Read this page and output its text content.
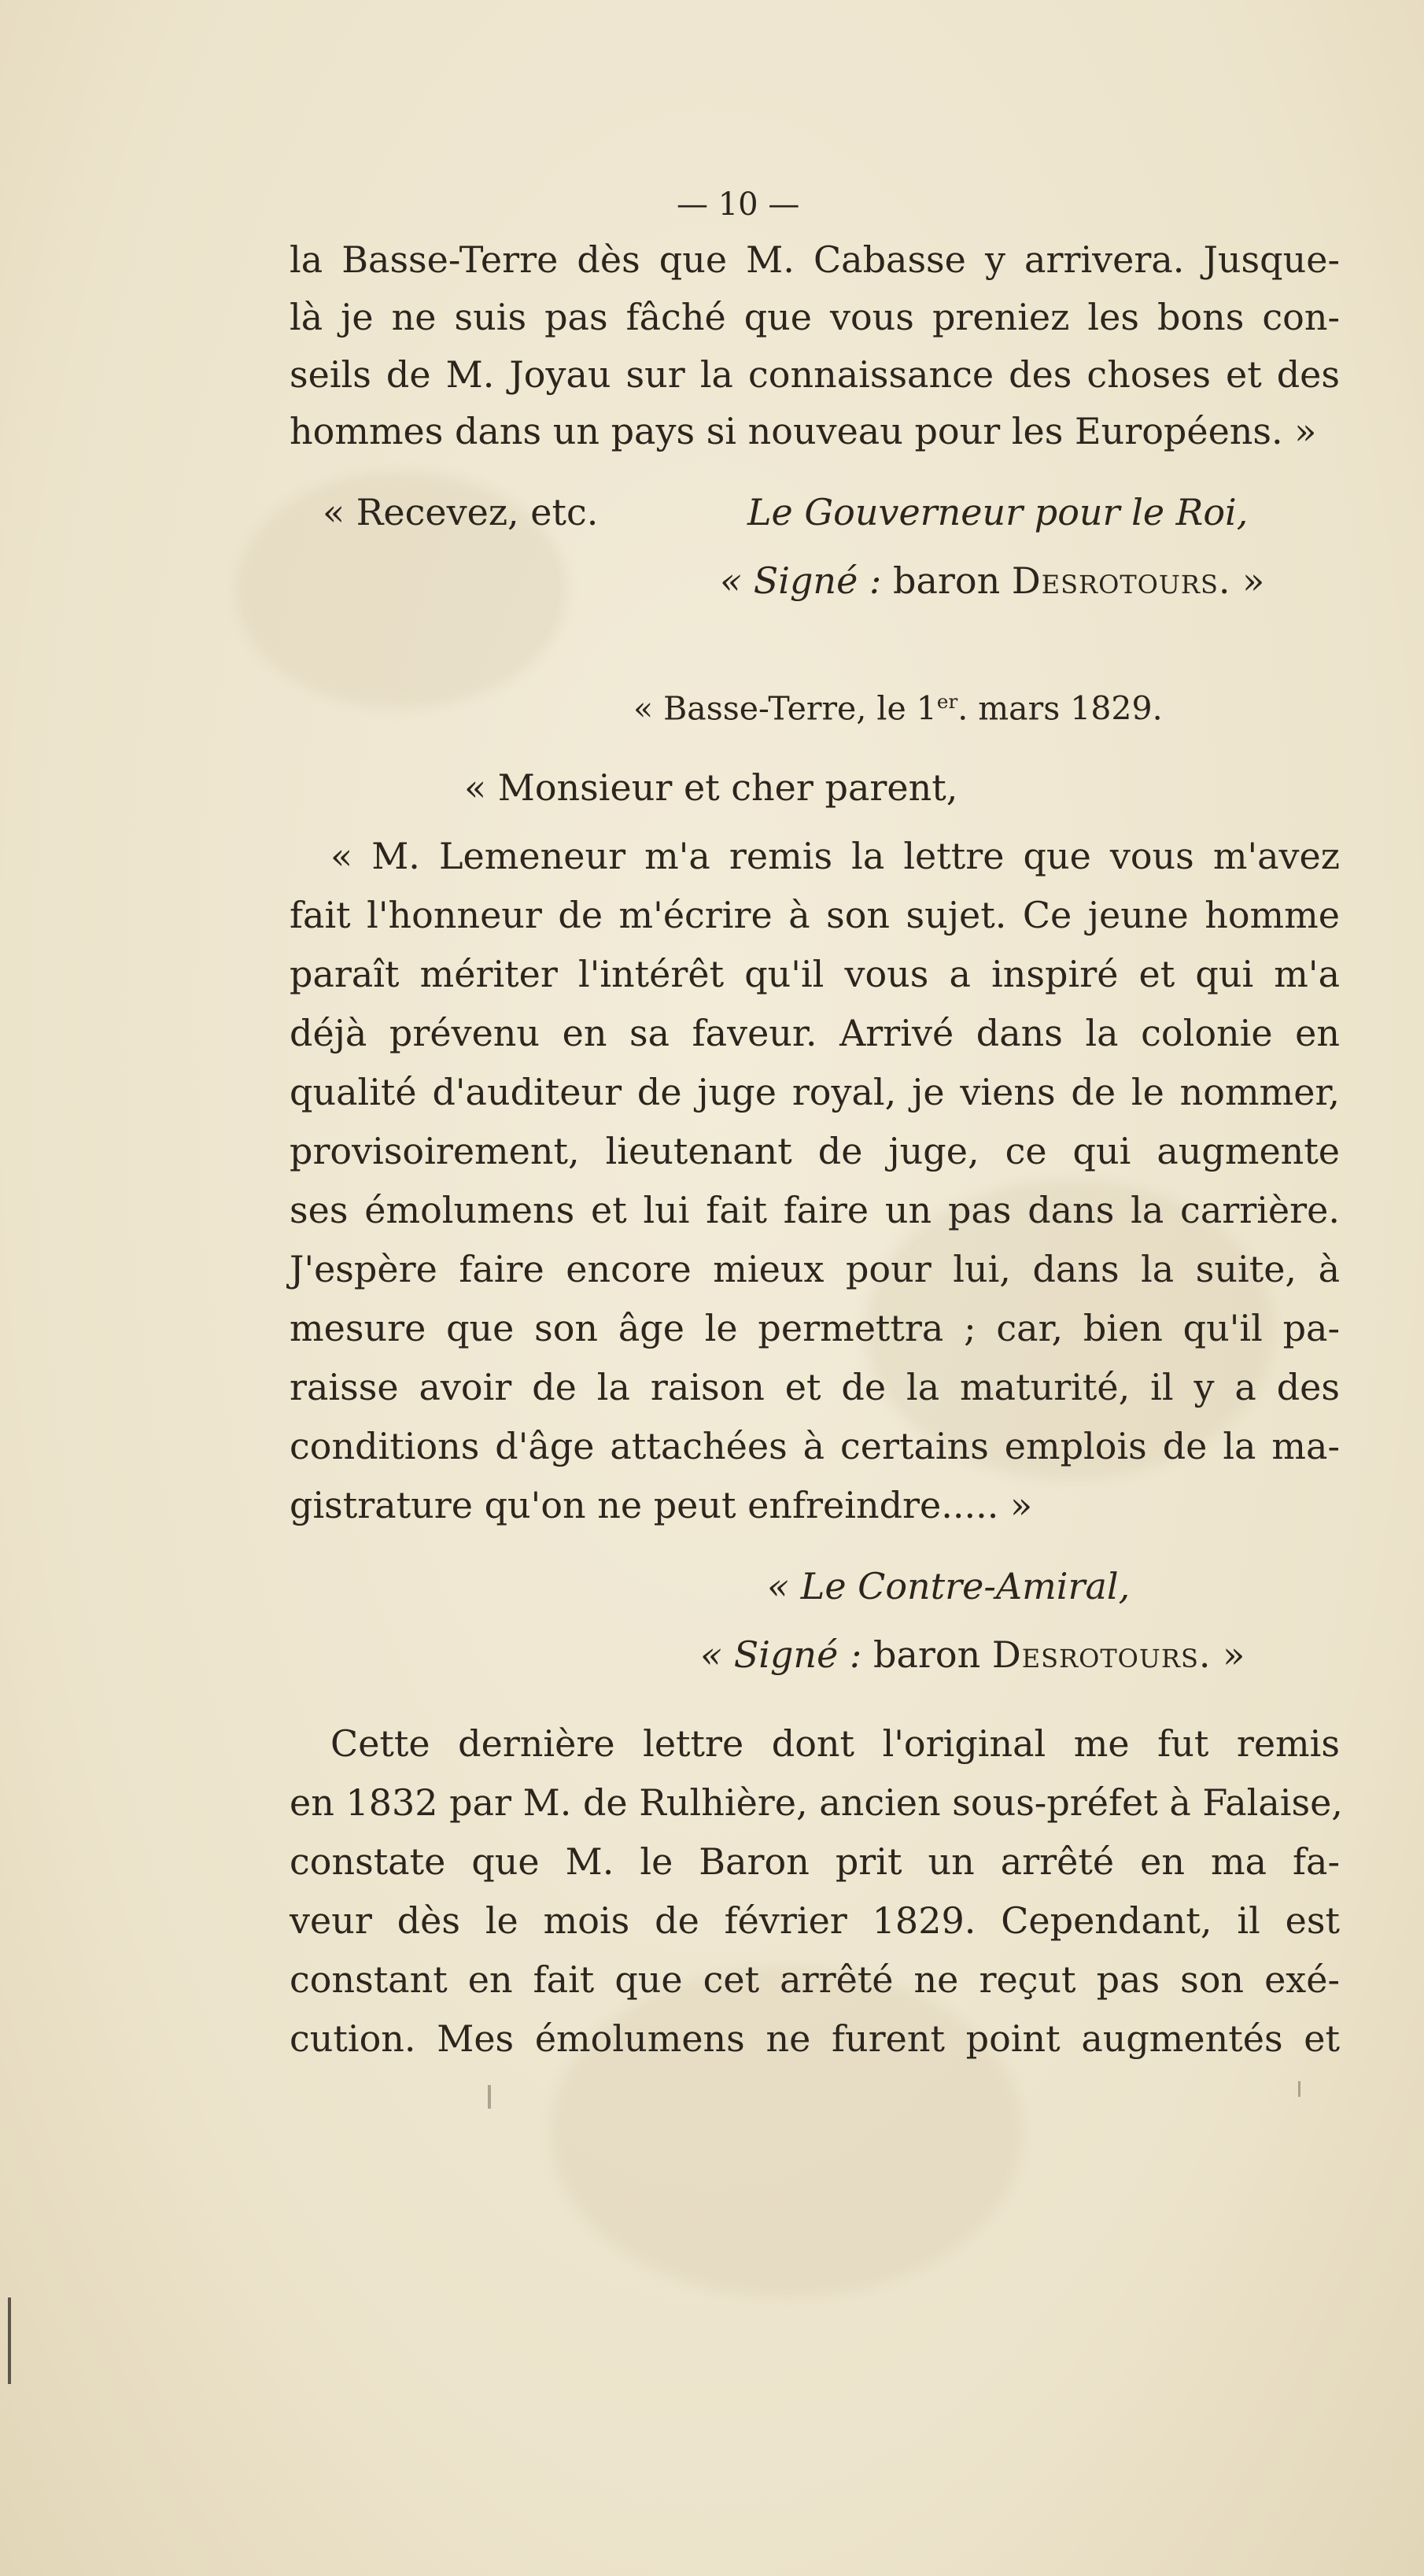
— 10 —
la Basse-Terre dès que M. Cabasse y arrivera. Jusque-
là je ne suis pas fâché que vous preniez les bons con-
seils de M. Joyau sur la connaissance des choses et des
hommes dans un pays si nouveau pour les Européens. »
« Recevez, etc.	Le Gouverneur pour le Roi,
« Signé : baron Desrotours. »
« Basse-Terre, le 1er. mars 1829.
« Monsieur et cher parent,
« M. Lemeneur m'a remis la lettre que vous m'avez
fait l'honneur de m'écrire à son sujet. Ce jeune homme
paraît mériter l'intérêt qu'il vous a inspiré et qui m'a
déjà prévenu en sa faveur. Arrivé dans la colonie en
qualité d'auditeur de juge royal, je viens de le nommer,
provisoirement, lieutenant de juge, ce qui augmente
ses émolumens et lui fait faire un pas dans la carrière.
J'espère faire encore mieux pour lui, dans la suite, à
mesure que son âge le permettra ; car, bien qu'il pa-
raisse avoir de la raison et de la maturité, il y a des
conditions d'âge attachées à certains emplois de la ma-
gistrature qu'on ne peut enfreindre..... »
« Le Contre-Amiral,
« Signé : baron Desrotours. »
Cette dernière lettre dont l'original me fut remis
en 1832 par M. de Rulhière, ancien sous-préfet à Falaise,
constate que M. le Baron prit un arrêté en ma fa-
veur dès le mois de février 1829. Cependant, il est
constant en fait que cet arrêté ne reçut pas son exé-
cution. Mes émolumens ne furent point augmentés et
